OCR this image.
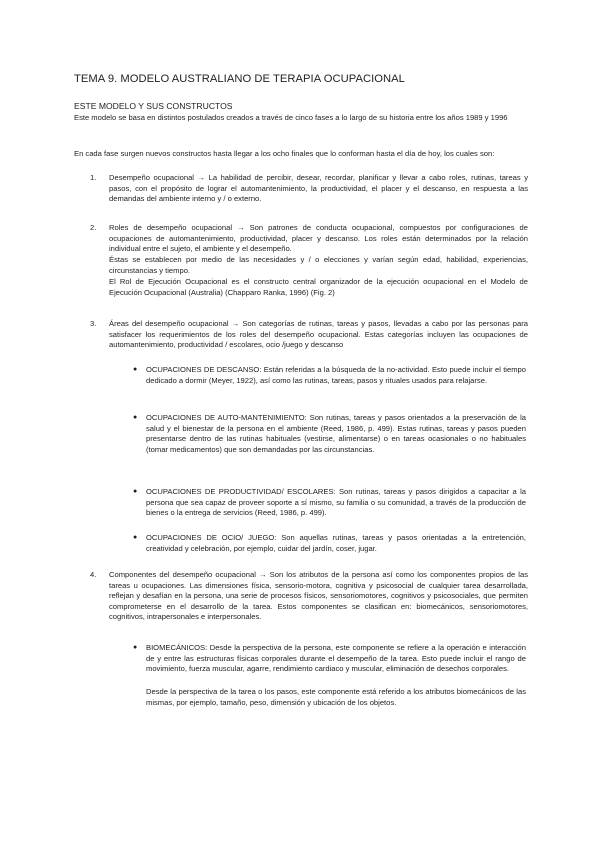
TEMA 9. MODELO AUSTRALIANO DE TERAPIA OCUPACIONAL
ESTE MODELO Y SUS CONSTRUCTOS
Este modelo se basa en distintos postulados creados a través de cinco fases a lo largo de su historia entre los años 1989 y 1996
En cada fase surgen nuevos constructos hasta llegar a los ocho finales que lo conforman hasta el día de hoy, los cuales son:
1. Desempeño ocupacional → La habilidad de percibir, desear, recordar, planificar y llevar a cabo roles, rutinas, tareas y pasos, con el propósito de lograr el automantenimiento, la productividad, el placer y el descanso, en respuesta a las demandas del ambiente interno y / o externo.
2. Roles de desempeño ocupacional → Son patrones de conducta ocupacional, compuestos por configuraciones de ocupaciones de automantenimiento, productividad, placer y descanso. Los roles están determinados por la relación individual entre el sujeto, el ambiente y el desempeño.
Éstas se establecen por medio de las necesidades y / o elecciones y varían según edad, habilidad, experiencias, circunstancias y tiempo.
El Rol de Ejecución Ocupacional es el constructo central organizador de la ejecución ocupacional en el Modelo de Ejecución Ocupacional (Australia) (Chapparo Ranka, 1996) (Fig. 2)
3. Áreas del desempeño ocupacional → Son categorías de rutinas, tareas y pasos, llevadas a cabo por las personas para satisfacer los requerimientos de los roles del desempeño ocupacional. Estas categorías incluyen las ocupaciones de automantenimiento, productividad / escolares, ocio /juego y descanso
● OCUPACIONES DE DESCANSO: Están referidas a la búsqueda de la no-actividad. Esto puede incluir el tiempo dedicado a dormir (Meyer, 1922), así como las rutinas, tareas, pasos y rituales usados para relajarse.
● OCUPACIONES DE AUTO-MANTENIMIENTO: Son rutinas, tareas y pasos orientados a la preservación de la salud y el bienestar de la persona en el ambiente (Reed, 1986, p. 499). Estas rutinas, tareas y pasos pueden presentarse dentro de las rutinas habituales (vestirse, alimentarse) o en tareas ocasionales o no habituales (tomar medicamentos) que son demandadas por las circunstancias.
● OCUPACIONES DE PRODUCTIVIDAD/ ESCOLARES: Son rutinas, tareas y pasos dirigidos a capacitar a la persona que sea capaz de proveer soporte a sí mismo, su familia o su comunidad, a través de la producción de bienes o la entrega de servicios (Reed, 1986, p. 499).
● OCUPACIONES DE OCIO/ JUEGO: Son aquellas rutinas, tareas y pasos orientadas a la entretención, creatividad y celebración, por ejemplo, cuidar del jardín, coser, jugar.
4. Componentes del desempeño ocupacional → Son los atributos de la persona así como los componentes propios de las tareas u ocupaciones. Las dimensiones física, sensorio-motora, cognitiva y psicosocial de cualquier tarea desarrollada, reflejan y desafían en la persona, una serie de procesos físicos, sensoriomotores, cognitivos y psicosociales, que permiten comprometerse en el desarrollo de la tarea. Estos componentes se clasifican en: biomecánicos, sensoriomotores, cognitivos, intrapersonales e interpersonales.
● BIOMECÁNICOS: Desde la perspectiva de la persona, este componente se refiere a la operación e interacción de y entre las estructuras físicas corporales durante el desempeño de la tarea. Esto puede incluir el rango de movimiento, fuerza muscular, agarre, rendimiento cardiaco y muscular, eliminación de desechos corporales.
Desde la perspectiva de la tarea o los pasos, este componente está referido a los atributos biomecánicos de las mismas, por ejemplo, tamaño, peso, dimensión y ubicación de los objetos.
